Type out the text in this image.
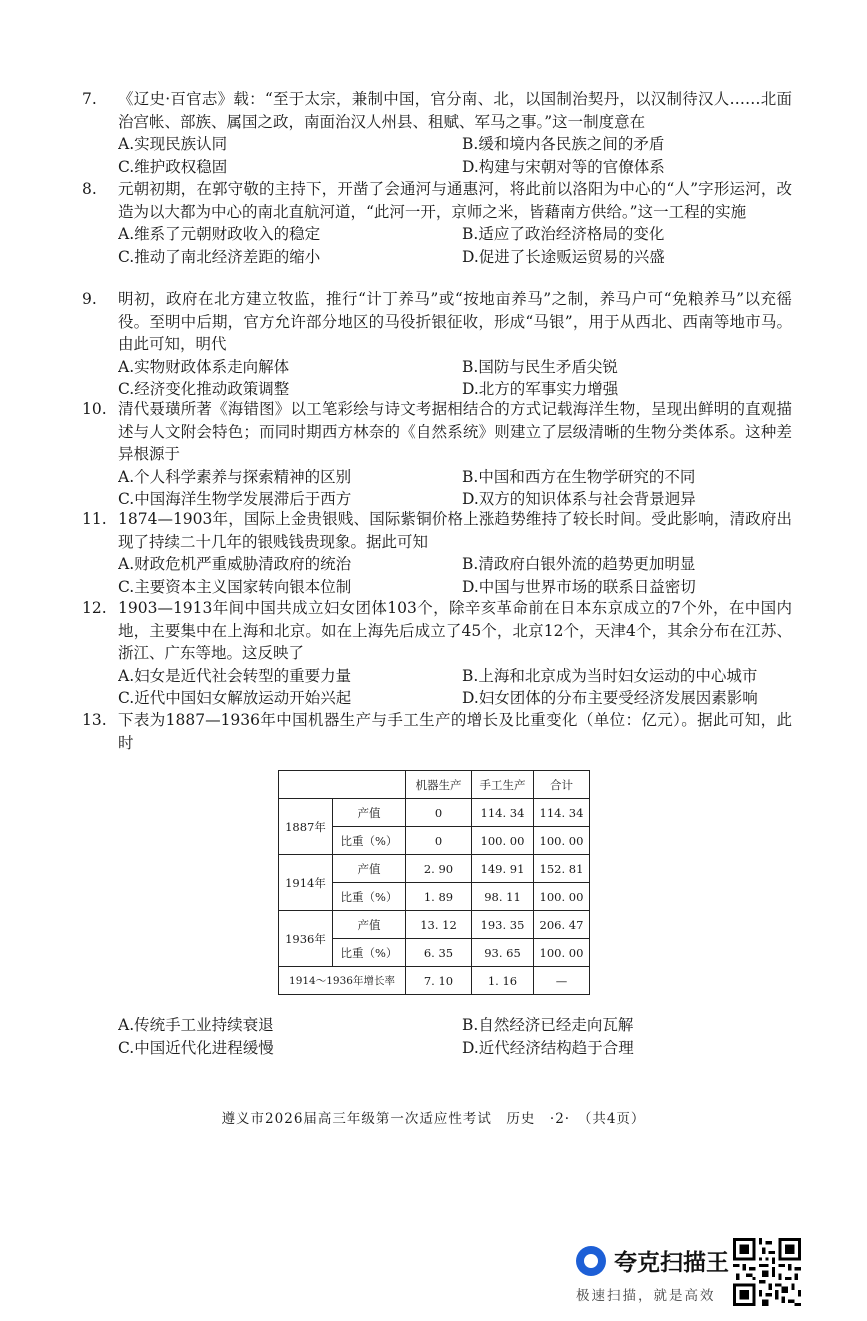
7. 《辽史·百官志》载：“至于太宗，兼制中国，官分南、北，以国制治契丹，以汉制待汉人……北面治宫帐、部族、属国之政，南面治汉人州县、租赋、军马之事。”这一制度意在
A.实现民族认同	B.缓和境内各民族之间的矛盾
C.维护政权稳固	D.构建与宋朝对等的官僚体系
8. 元朝初期，在郭守敬的主持下，开凿了会通河与通惠河，将此前以洛阳为中心的“人”字形运河，改造为以大都为中心的南北直航河道，“此河一开，京师之米，皆藉南方供给。”这一工程的实施
A.维系了元朝财政收入的稳定	B.适应了政治经济格局的变化
C.推动了南北经济差距的缩小	D.促进了长途贩运贸易的兴盛
9. 明初，政府在北方建立牧监，推行“计丁养马”或“按地亩养马”之制，养马户可“免粮养马”以充徭役。至明中后期，官方允许部分地区的马役折银征收，形成“马银”，用于从西北、西南等地市马。由此可知，明代
A.实物财政体系走向解体	B.国防与民生矛盾尖锐
C.经济变化推动政策调整	D.北方的军事实力增强
10. 清代聂璜所著《海错图》以工笔彩绘与诗文考据相结合的方式记载海洋生物，呈现出鲜明的直观描述与人文附会特色；而同时期西方林奈的《自然系统》则建立了层级清晰的生物分类体系。这种差异根源于
A.个人科学素养与探索精神的区别	B.中国和西方在生物学研究的不同
C.中国海洋生物学发展滞后于西方	D.双方的知识体系与社会背景迥异
11. 1874—1903年，国际上金贵银贱、国际紫铜价格上涨趋势维持了较长时间。受此影响，清政府出现了持续二十几年的银贱钱贵现象。据此可知
A.财政危机严重威胁清政府的统治	B.清政府白银外流的趋势更加明显
C.主要资本主义国家转向银本位制	D.中国与世界市场的联系日益密切
12. 1903—1913年间中国共成立妇女团体103个，除辛亥革命前在日本东京成立的7个外，在中国内地，主要集中在上海和北京。如在上海先后成立了45个，北京12个，天津4个，其余分布在江苏、浙江、广东等地。这反映了
A.妇女是近代社会转型的重要力量	B.上海和北京成为当时妇女运动的中心城市
C.近代中国妇女解放运动开始兴起	D.妇女团体的分布主要受经济发展因素影响
13. 下表为1887—1936年中国机器生产与手工生产的增长及比重变化（单位：亿元）。据此可知，此时
		机器生产	手工生产	合计
1887年	产值	0	114. 34	114. 34
	比重（%）	0	100. 00	100. 00
1914年	产值	2. 90	149. 91	152. 81
	比重（%）	1. 89	98. 11	100. 00
1936年	产值	13. 12	193. 35	206. 47
	比重（%）	6. 35	93. 65	100. 00
1914～1936年增长率		7. 10	1. 16	—
A.传统手工业持续衰退	B.自然经济已经走向瓦解
C.中国近代化进程缓慢	D.近代经济结构趋于合理
遵义市2026届高三年级第一次适应性考试　历史　·2·　（共4页）
夸克扫描王
极速扫描，就是高效
